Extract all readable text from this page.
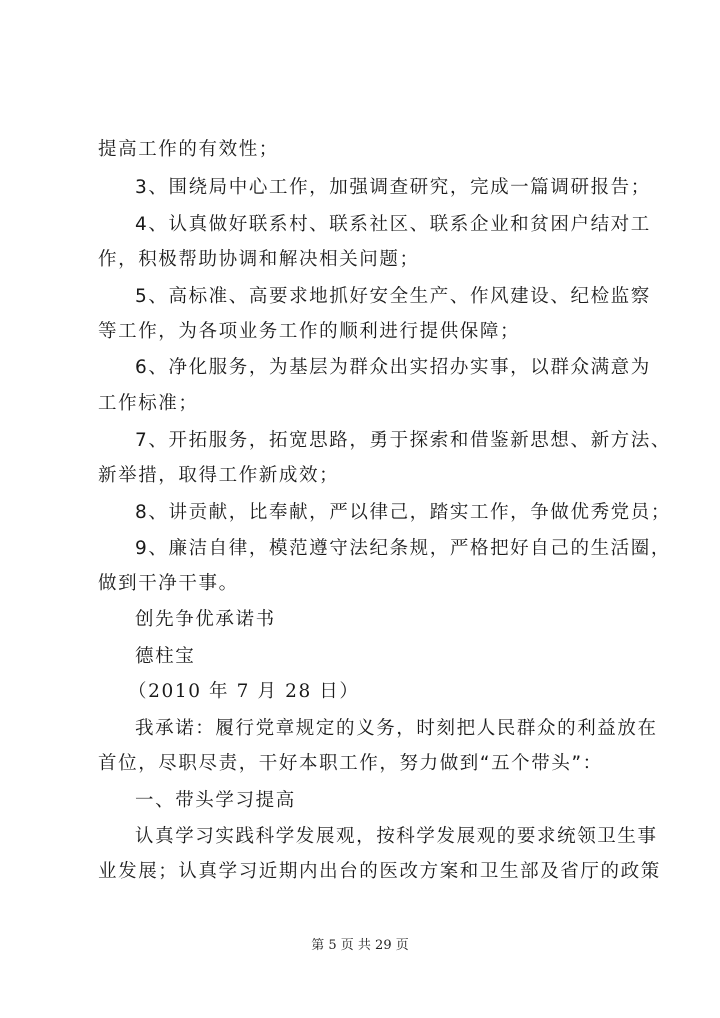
提高工作的有效性；
3、围绕局中心工作，加强调查研究，完成一篇调研报告；
4、认真做好联系村、联系社区、联系企业和贫困户结对工
作，积极帮助协调和解决相关问题；
5、高标准、高要求地抓好安全生产、作风建设、纪检监察
等工作，为各项业务工作的顺利进行提供保障；
6、净化服务，为基层为群众出实招办实事，以群众满意为
工作标准；
7、开拓服务，拓宽思路，勇于探索和借鉴新思想、新方法、
新举措，取得工作新成效；
8、讲贡献，比奉献，严以律己，踏实工作，争做优秀党员；
9、廉洁自律，模范遵守法纪条规，严格把好自己的生活圈，
做到干净干事。
创先争优承诺书
德柱宝
（2010 年 7 月 28 日）
我承诺：履行党章规定的义务，时刻把人民群众的利益放在
首位，尽职尽责，干好本职工作，努力做到“五个带头”：
一、带头学习提高
认真学习实践科学发展观，按科学发展观的要求统领卫生事
业发展；认真学习近期内出台的医改方案和卫生部及省厅的政策
第 5 页 共 29 页
